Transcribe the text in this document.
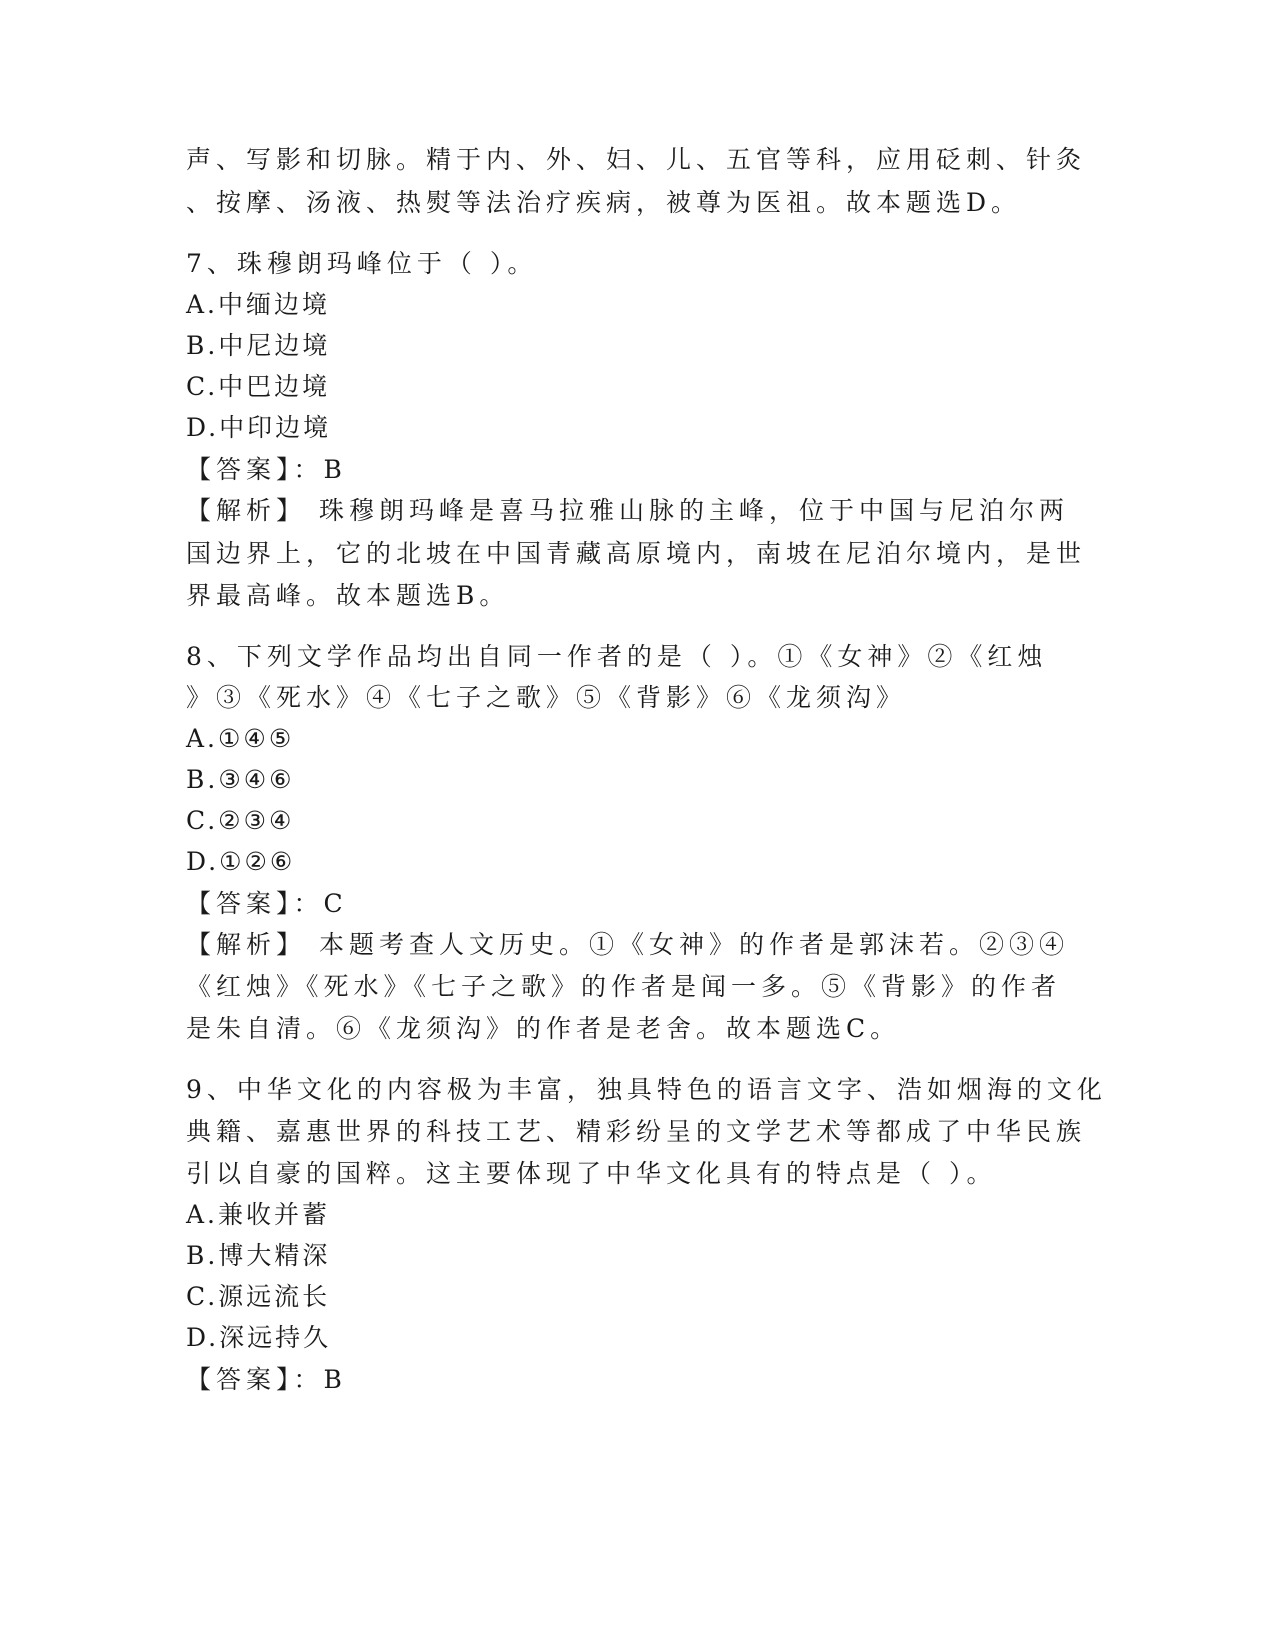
声、写影和切脉。精于内、外、妇、儿、五官等科，应用砭刺、针灸
、按摩、汤液、热熨等法治疗疾病，被尊为医祖。故本题选D。
7、珠穆朗玛峰位于（ ）。
A.中缅边境
B.中尼边境
C.中巴边境
D.中印边境
【答案】：B
【解析】 珠穆朗玛峰是喜马拉雅山脉的主峰，位于中国与尼泊尔两
国边界上，它的北坡在中国青藏高原境内，南坡在尼泊尔境内，是世
界最高峰。故本题选B。
8、下列文学作品均出自同一作者的是（ ）。①《女神》②《红烛
》③《死水》④《七子之歌》⑤《背影》⑥《龙须沟》
A.①④⑤
B.③④⑥
C.②③④
D.①②⑥
【答案】：C
【解析】 本题考查人文历史。①《女神》的作者是郭沫若。②③④
《红烛》《死水》《七子之歌》的作者是闻一多。⑤《背影》的作者
是朱自清。⑥《龙须沟》的作者是老舍。故本题选C。
9、中华文化的内容极为丰富，独具特色的语言文字、浩如烟海的文化
典籍、嘉惠世界的科技工艺、精彩纷呈的文学艺术等都成了中华民族
引以自豪的国粹。这主要体现了中华文化具有的特点是（ ）。
A.兼收并蓄
B.博大精深
C.源远流长
D.深远持久
【答案】：B
